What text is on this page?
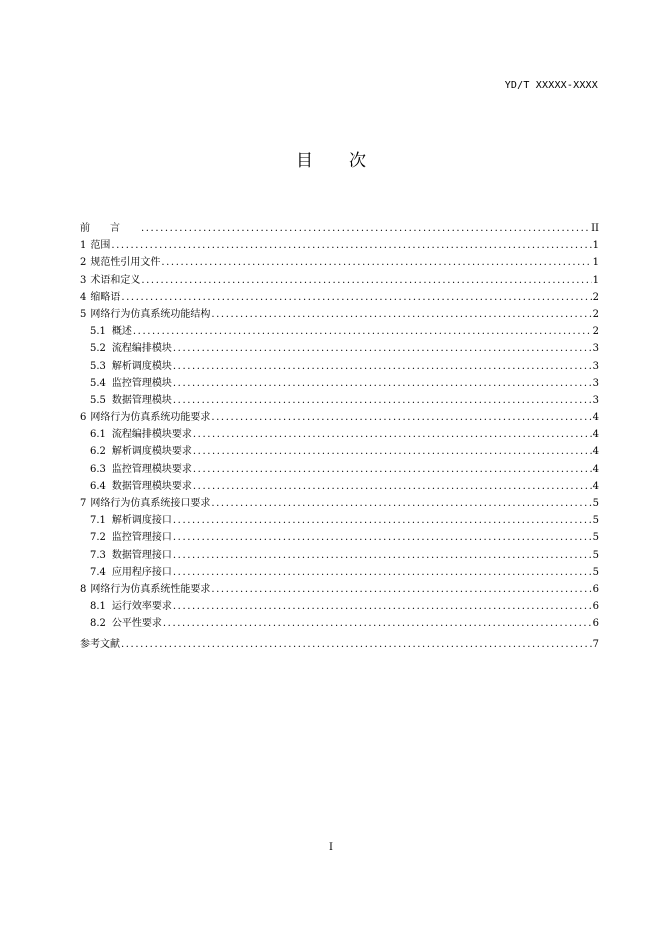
YD/T XXXXX-XXXX
目次
前言 .....	II
1 范围 .....	1
2 规范性引用文件 .....	1
3 术语和定义 .....	1
4 缩略语 .....	2
5 网络行为仿真系统功能结构 .....	2
5.1 概述 .....	2
5.2 流程编排模块 .....	3
5.3 解析调度模块 .....	3
5.4 监控管理模块 .....	3
5.5 数据管理模块 .....	3
6 网络行为仿真系统功能要求 .....	4
6.1 流程编排模块要求 .....	4
6.2 解析调度模块要求 .....	4
6.3 监控管理模块要求 .....	4
6.4 数据管理模块要求 .....	4
7 网络行为仿真系统接口要求 .....	5
7.1 解析调度接口 .....	5
7.2 监控管理接口 .....	5
7.3 数据管理接口 .....	5
7.4 应用程序接口 .....	5
8 网络行为仿真系统性能要求 .....	6
8.1 运行效率要求 .....	6
8.2 公平性要求 .....	6
参考文献 .....	7
I
